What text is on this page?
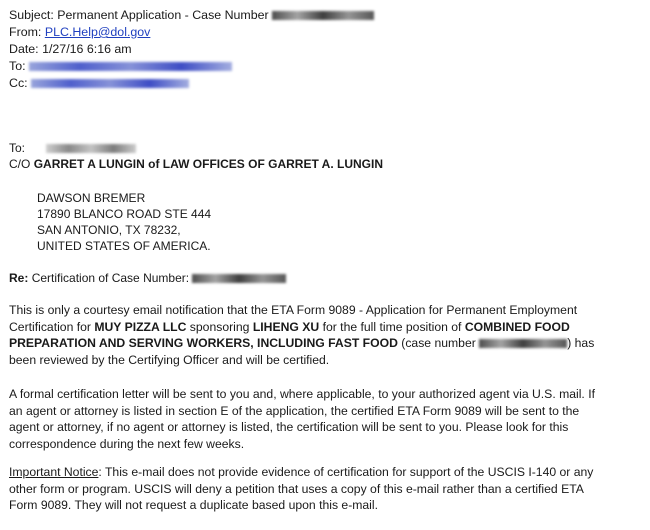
Subject: Permanent Application - Case Number
From: PLC.Help@dol.gov
Date: 1/27/16 6:16 am
To:
Cc:
To:
C/O GARRET A LUNGIN of LAW OFFICES OF GARRET A. LUNGIN
DAWSON BREMER
17890 BLANCO ROAD STE 444
SAN ANTONIO, TX 78232,
UNITED STATES OF AMERICA.
Re: Certification of Case Number:
This is only a courtesy email notification that the ETA Form 9089 - Application for Permanent Employment
Certification for MUY PIZZA LLC sponsoring LIHENG XU for the full time position of COMBINED FOOD
PREPARATION AND SERVING WORKERS, INCLUDING FAST FOOD (case number	) has
been reviewed by the Certifying Officer and will be certified.
A formal certification letter will be sent to you and, where applicable, to your authorized agent via U.S. mail. If
an agent or attorney is listed in section E of the application, the certified ETA Form 9089 will be sent to the
agent or attorney, if no agent or attorney is listed, the certification will be sent to you. Please look for this
correspondence during the next few weeks.
Important Notice: This e-mail does not provide evidence of certification for support of the USCIS I-140 or any
other form or program. USCIS will deny a petition that uses a copy of this e-mail rather than a certified ETA
Form 9089. They will not request a duplicate based upon this e-mail.
